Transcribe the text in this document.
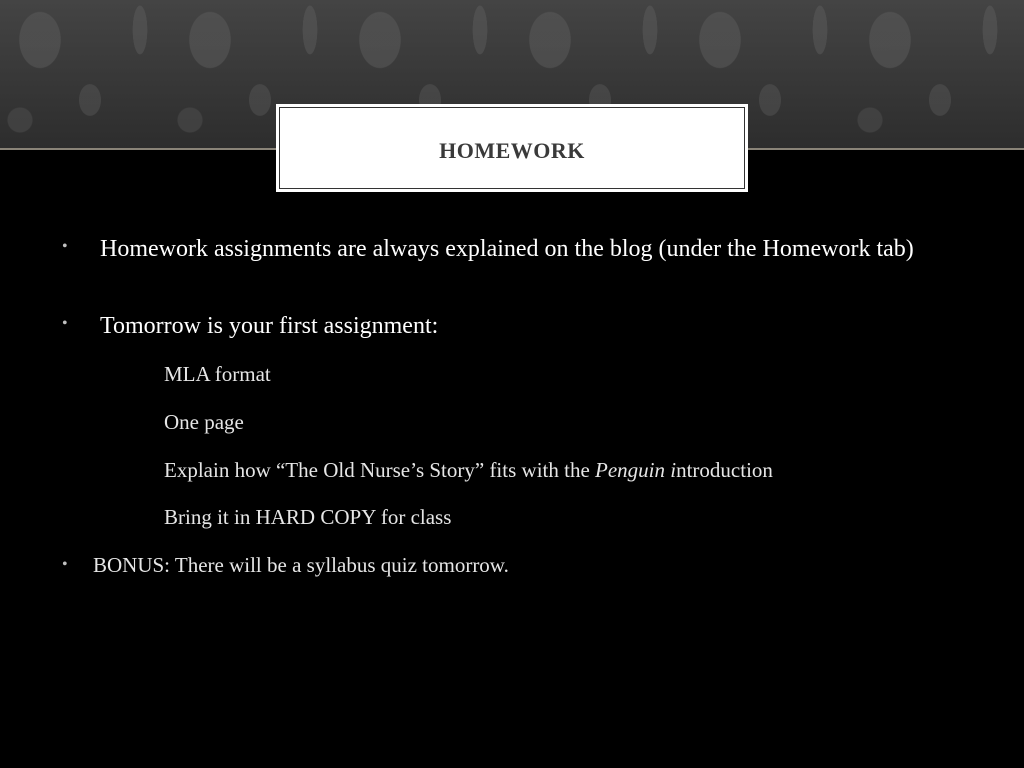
HOMEWORK
• Homework assignments are always explained on the blog (under the Homework tab)
• Tomorrow is your first assignment:
MLA format
One page
Explain how “The Old Nurse’s Story” fits with the Penguin introduction
Bring it in HARD COPY for class
• BONUS: There will be a syllabus quiz tomorrow.
